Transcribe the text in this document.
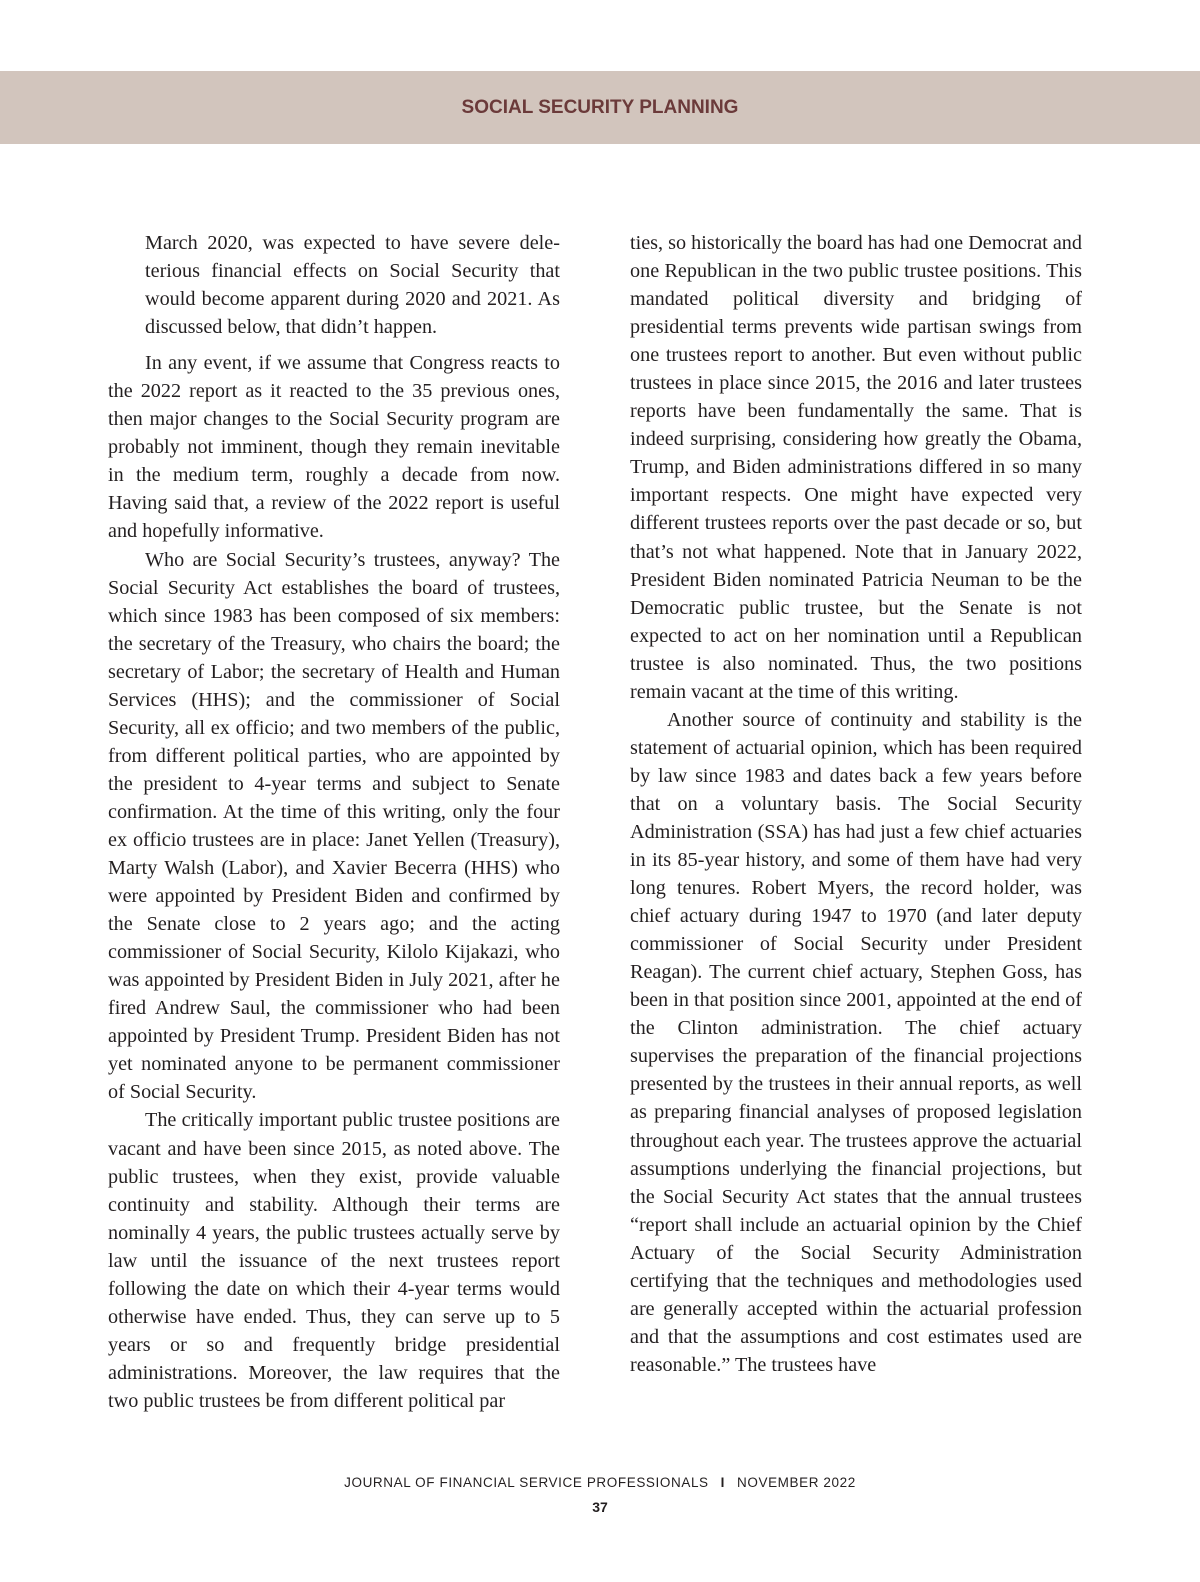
SOCIAL SECURITY PLANNING

March 2020, was expected to have severe deleterious financial effects on Social Security that would become apparent during 2020 and 2021. As discussed below, that didn’t happen.

In any event, if we assume that Congress reacts to the 2022 report as it reacted to the 35 previous ones, then major changes to the Social Security program are probably not imminent, though they remain inevitable in the medium term, roughly a decade from now. Having said that, a review of the 2022 report is useful and hopefully informative.

Who are Social Security’s trustees, anyway? The Social Security Act establishes the board of trustees, which since 1983 has been composed of six members: the secretary of the Treasury, who chairs the board; the secretary of Labor; the secretary of Health and Human Services (HHS); and the commissioner of Social Security, all ex officio; and two members of the public, from different political parties, who are appointed by the president to 4-year terms and subject to Senate confirmation. At the time of this writing, only the four ex officio trustees are in place: Janet Yellen (Treasury), Marty Walsh (Labor), and Xavier Becerra (HHS) who were appointed by President Biden and confirmed by the Senate close to 2 years ago; and the acting commissioner of Social Security, Kilolo Kijakazi, who was appointed by President Biden in July 2021, after he fired Andrew Saul, the commissioner who had been appointed by President Trump. President Biden has not yet nominated anyone to be permanent commissioner of Social Security.

The critically important public trustee positions are vacant and have been since 2015, as noted above. The public trustees, when they exist, provide valuable continuity and stability. Although their terms are nominally 4 years, the public trustees actually serve by law until the issuance of the next trustees report following the date on which their 4-year terms would otherwise have ended. Thus, they can serve up to 5 years or so and frequently bridge presidential administrations. Moreover, the law requires that the two public trustees be from different political par

ties, so historically the board has had one Democrat and one Republican in the two public trustee positions. This mandated political diversity and bridging of presidential terms prevents wide partisan swings from one trustees report to another. But even without public trustees in place since 2015, the 2016 and later trustees reports have been fundamentally the same. That is indeed surprising, considering how greatly the Obama, Trump, and Biden administrations differed in so many important respects. One might have expected very different trustees reports over the past decade or so, but that’s not what happened. Note that in January 2022, President Biden nominated Patricia Neuman to be the Democratic public trustee, but the Senate is not expected to act on her nomination until a Republican trustee is also nominated. Thus, the two positions remain vacant at the time of this writing.

Another source of continuity and stability is the statement of actuarial opinion, which has been required by law since 1983 and dates back a few years before that on a voluntary basis. The Social Security Administration (SSA) has had just a few chief actuaries in its 85-year history, and some of them have had very long tenures. Robert Myers, the record holder, was chief actuary during 1947 to 1970 (and later deputy commissioner of Social Security under President Reagan). The current chief actuary, Stephen Goss, has been in that position since 2001, appointed at the end of the Clinton administration. The chief actuary supervises the preparation of the financial projections presented by the trustees in their annual reports, as well as preparing financial analyses of proposed legislation throughout each year. The trustees approve the actuarial assumptions underlying the financial projections, but the Social Security Act states that the annual trustees “report shall include an actuarial opinion by the Chief Actuary of the Social Security Administration certifying that the techniques and methodologies used are generally accepted within the actuarial profession and that the assumptions and cost estimates used are reasonable.” The trustees have

JOURNAL OF FINANCIAL SERVICE PROFESSIONALS I NOVEMBER 2022
37
